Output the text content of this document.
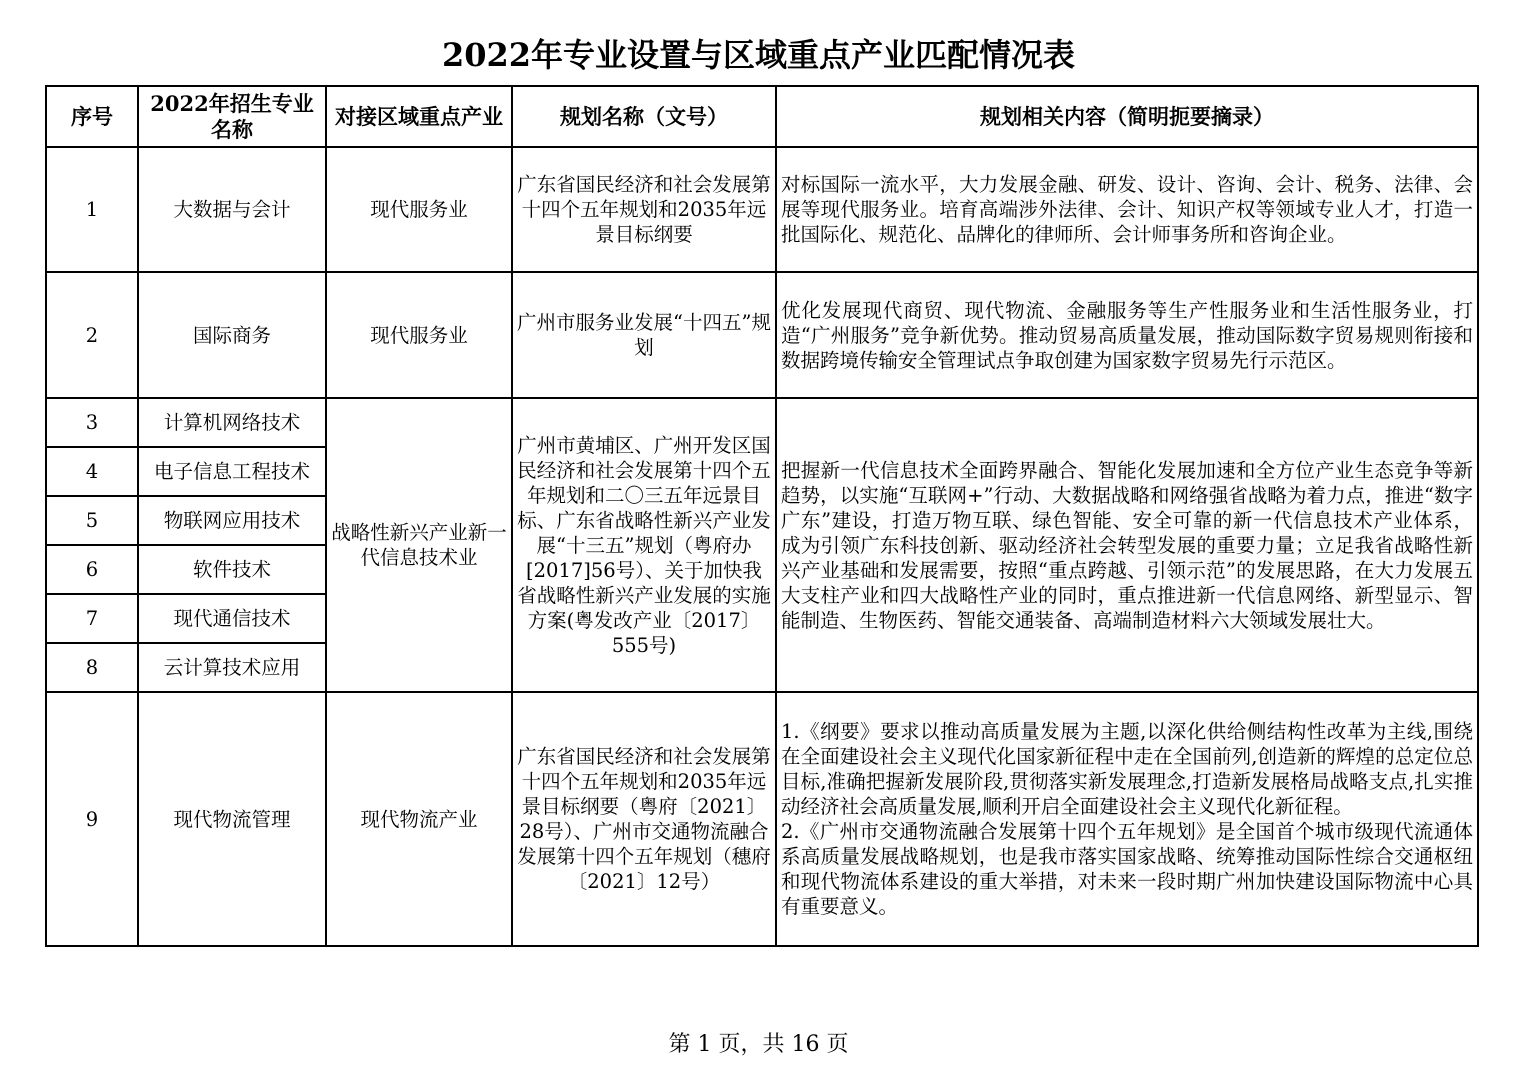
2022年专业设置与区域重点产业匹配情况表
序号	2022年招生专业名称	对接区域重点产业	规划名称（文号）	规划相关内容（简明扼要摘录）
1	大数据与会计	现代服务业	广东省国民经济和社会发展第十四个五年规划和2035年远景目标纲要	对标国际一流水平，大力发展金融、研发、设计、咨询、会计、税务、法律、会展等现代服务业。培育高端涉外法律、会计、知识产权等领域专业人才，打造一批国际化、规范化、品牌化的律师所、会计师事务所和咨询企业。
2	国际商务	现代服务业	广州市服务业发展“十四五”规划	优化发展现代商贸、现代物流、金融服务等生产性服务业和生活性服务业，打造“广州服务”竞争新优势。推动贸易高质量发展，推动国际数字贸易规则衔接和数据跨境传输安全管理试点争取创建为国家数字贸易先行示范区。
3	计算机网络技术	战略性新兴产业新一代信息技术业	广州市黄埔区、广州开发区国民经济和社会发展第十四个五年规划和二〇三五年远景目标、广东省战略性新兴产业发展“十三五”规划（粤府办[2017]56号）、关于加快我省战略性新兴产业发展的实施方案(粤发改产业〔2017〕555号)	把握新一代信息技术全面跨界融合、智能化发展加速和全方位产业生态竞争等新趋势，以实施“互联网+”行动、大数据战略和网络强省战略为着力点，推进“数字广东”建设，打造万物互联、绿色智能、安全可靠的新一代信息技术产业体系，成为引领广东科技创新、驱动经济社会转型发展的重要力量；立足我省战略性新兴产业基础和发展需要，按照“重点跨越、引领示范”的发展思路，在大力发展五大支柱产业和四大战略性产业的同时，重点推进新一代信息网络、新型显示、智能制造、生物医药、智能交通装备、高端制造材料六大领域发展壮大。
4	电子信息工程技术			
5	物联网应用技术			
6	软件技术			
7	现代通信技术			
8	云计算技术应用			
9	现代物流管理	现代物流产业	广东省国民经济和社会发展第十四个五年规划和2035年远景目标纲要（粤府〔2021〕28号）、广州市交通物流融合发展第十四个五年规划（穗府〔2021〕12号）	1.《纲要》要求以推动高质量发展为主题,以深化供给侧结构性改革为主线,围绕在全面建设社会主义现代化国家新征程中走在全国前列,创造新的辉煌的总定位总目标,准确把握新发展阶段,贯彻落实新发展理念,打造新发展格局战略支点,扎实推动经济社会高质量发展,顺利开启全面建设社会主义现代化新征程。
2.《广州市交通物流融合发展第十四个五年规划》是全国首个城市级现代流通体系高质量发展战略规划，也是我市落实国家战略、统筹推动国际性综合交通枢纽和现代物流体系建设的重大举措，对未来一段时期广州加快建设国际物流中心具有重要意义。
第 1 页，共 16 页
